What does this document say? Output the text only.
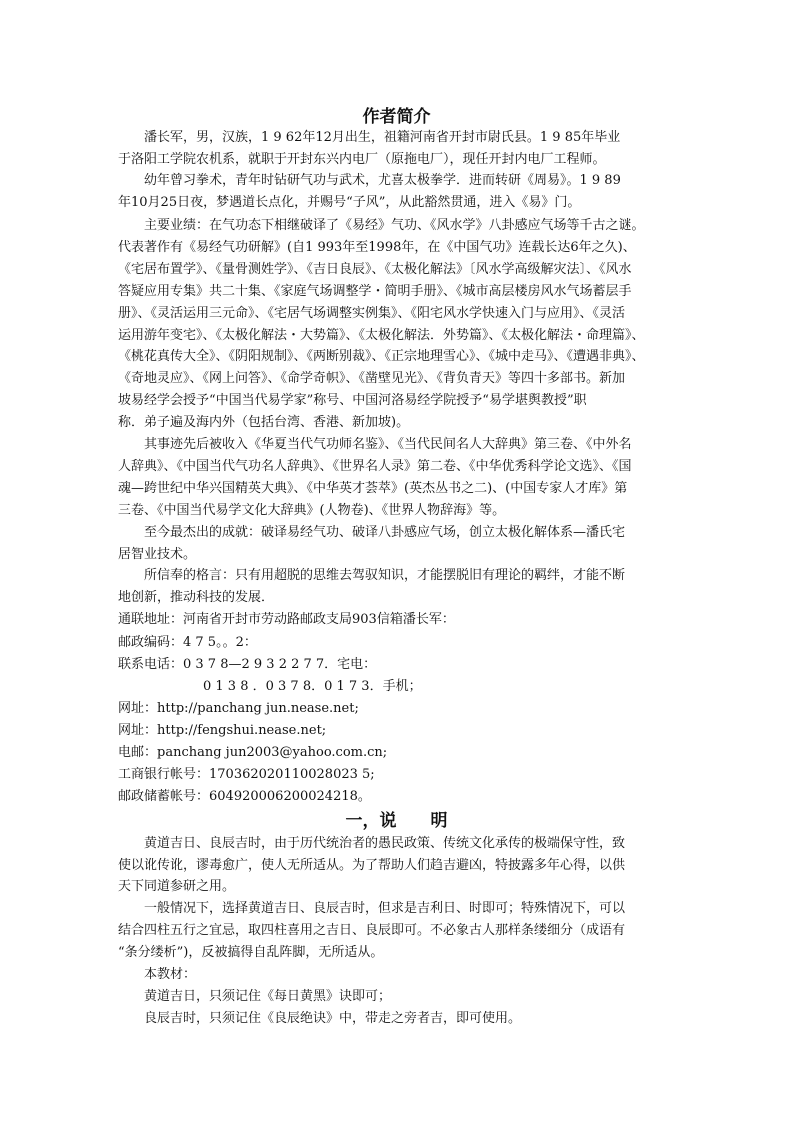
作者简介
潘长军，男，汉族，1 9 62年12月出生，祖籍河南省开封市尉氏县。1 9 85年毕业
于洛阳工学院农机系，就职于开封东兴内电厂（原拖电厂），现任开封内电厂工程师。
幼年曾习拳术，青年时钻研气功与武术，尤喜太极拳学．进而转研《周易》。1 9 89
年10月25日夜，梦遇道长点化，并赐号“子风”，从此豁然贯通，进入《易》门。
主要业绩：在气功态下相继破译了《易经》气功、《风水学》八卦感应气场等千古之谜。
代表著作有《易经气功研解》(自1 993年至1998年，在《中国气功》连载长达6年之久)、
《宅居布置学》、《量骨测姓学》、《吉日良辰》、《太极化解法》〔风水学高级解灾法〕、《风水
答疑应用专集》共二十集、《家庭气场调整学・简明手册》、《城市高层楼房风水气场蓄层手
册》、《灵活运用三元命》、《宅居气场调整实例集》、《阳宅风水学快速入门与应用》、《灵活
运用游年变宅》、《太极化解法・大势篇》、《太极化解法．外势篇》、《太极化解法・命理篇》、
《桃花真传大全》、《阴阳规制》、《两断别裁》、《正宗地理雪心》、《城中走马》、《遭遇非典》、
《奇地灵应》、《网上问答》、《命学奇帜》、《凿壁见光》、《背负青天》等四十多部书。新加
坡易经学会授予“中国当代易学家”称号、中国河洛易经学院授予“易学堪舆教授”职
称．弟子遍及海内外（包括台湾、香港、新加坡)。
其事迹先后被收入《华夏当代气功师名鉴》、《当代民间名人大辞典》第三卷、《中外名
人辞典》、《中国当代气功名人辞典》、《世界名人录》第二卷、《中华优秀科学论文选》、《国
魂—跨世纪中华兴国精英大典》、《中华英才荟萃》(英杰丛书之二)、(中国专家人才库》第
三卷、《中国当代易学文化大辞典》(人物卷)、《世界人物辞海》等。
至今最杰出的成就：破译易经气功、破译八卦感应气场，创立太极化解体系—潘氏宅
居智业技术。
所信奉的格言：只有用超脱的思维去驾驭知识，才能摆脱旧有理论的羁绊，才能不断
地创新，推动科技的发展．
通联地址：河南省开封市劳动路邮政支局903信箱潘长军：
邮政编码：4 7 5。。2：
联系电话：0 3 7 8—2 9 3 2 2 7 7．宅电：
0 1 3 8 ．0 3 7 8．0 1 7 3．手机；
网址：http://panchang jun.nease.net;
网址：http://fengshui.nease.net;
电邮：panchang jun2003@yahoo.com.cn;
工商银行帐号：170362020110028023 5;
邮政储蓄帐号：604920006200024218。
一，说　　明
黄道吉日、良辰吉时，由于历代统治者的愚民政策、传统文化承传的极端保守性，致
使以讹传讹，谬毒愈广，使人无所适从。为了帮助人们趋吉避凶，特披露多年心得，以供
天下同道参研之用。
一般情况下，选择黄道吉日、良辰吉时，但求是吉利日、时即可；特殊情况下，可以
结合四柱五行之宜忌，取四柱喜用之吉日、良辰即可。不必象古人那样条缕细分（成语有
“条分缕析”)，反被搞得自乱阵脚，无所适从。
本教材：
黄道吉日，只须记住《每日黄黑》诀即可；
良辰吉时，只须记住《良辰绝诀》中，带走之旁者吉，即可使用。
